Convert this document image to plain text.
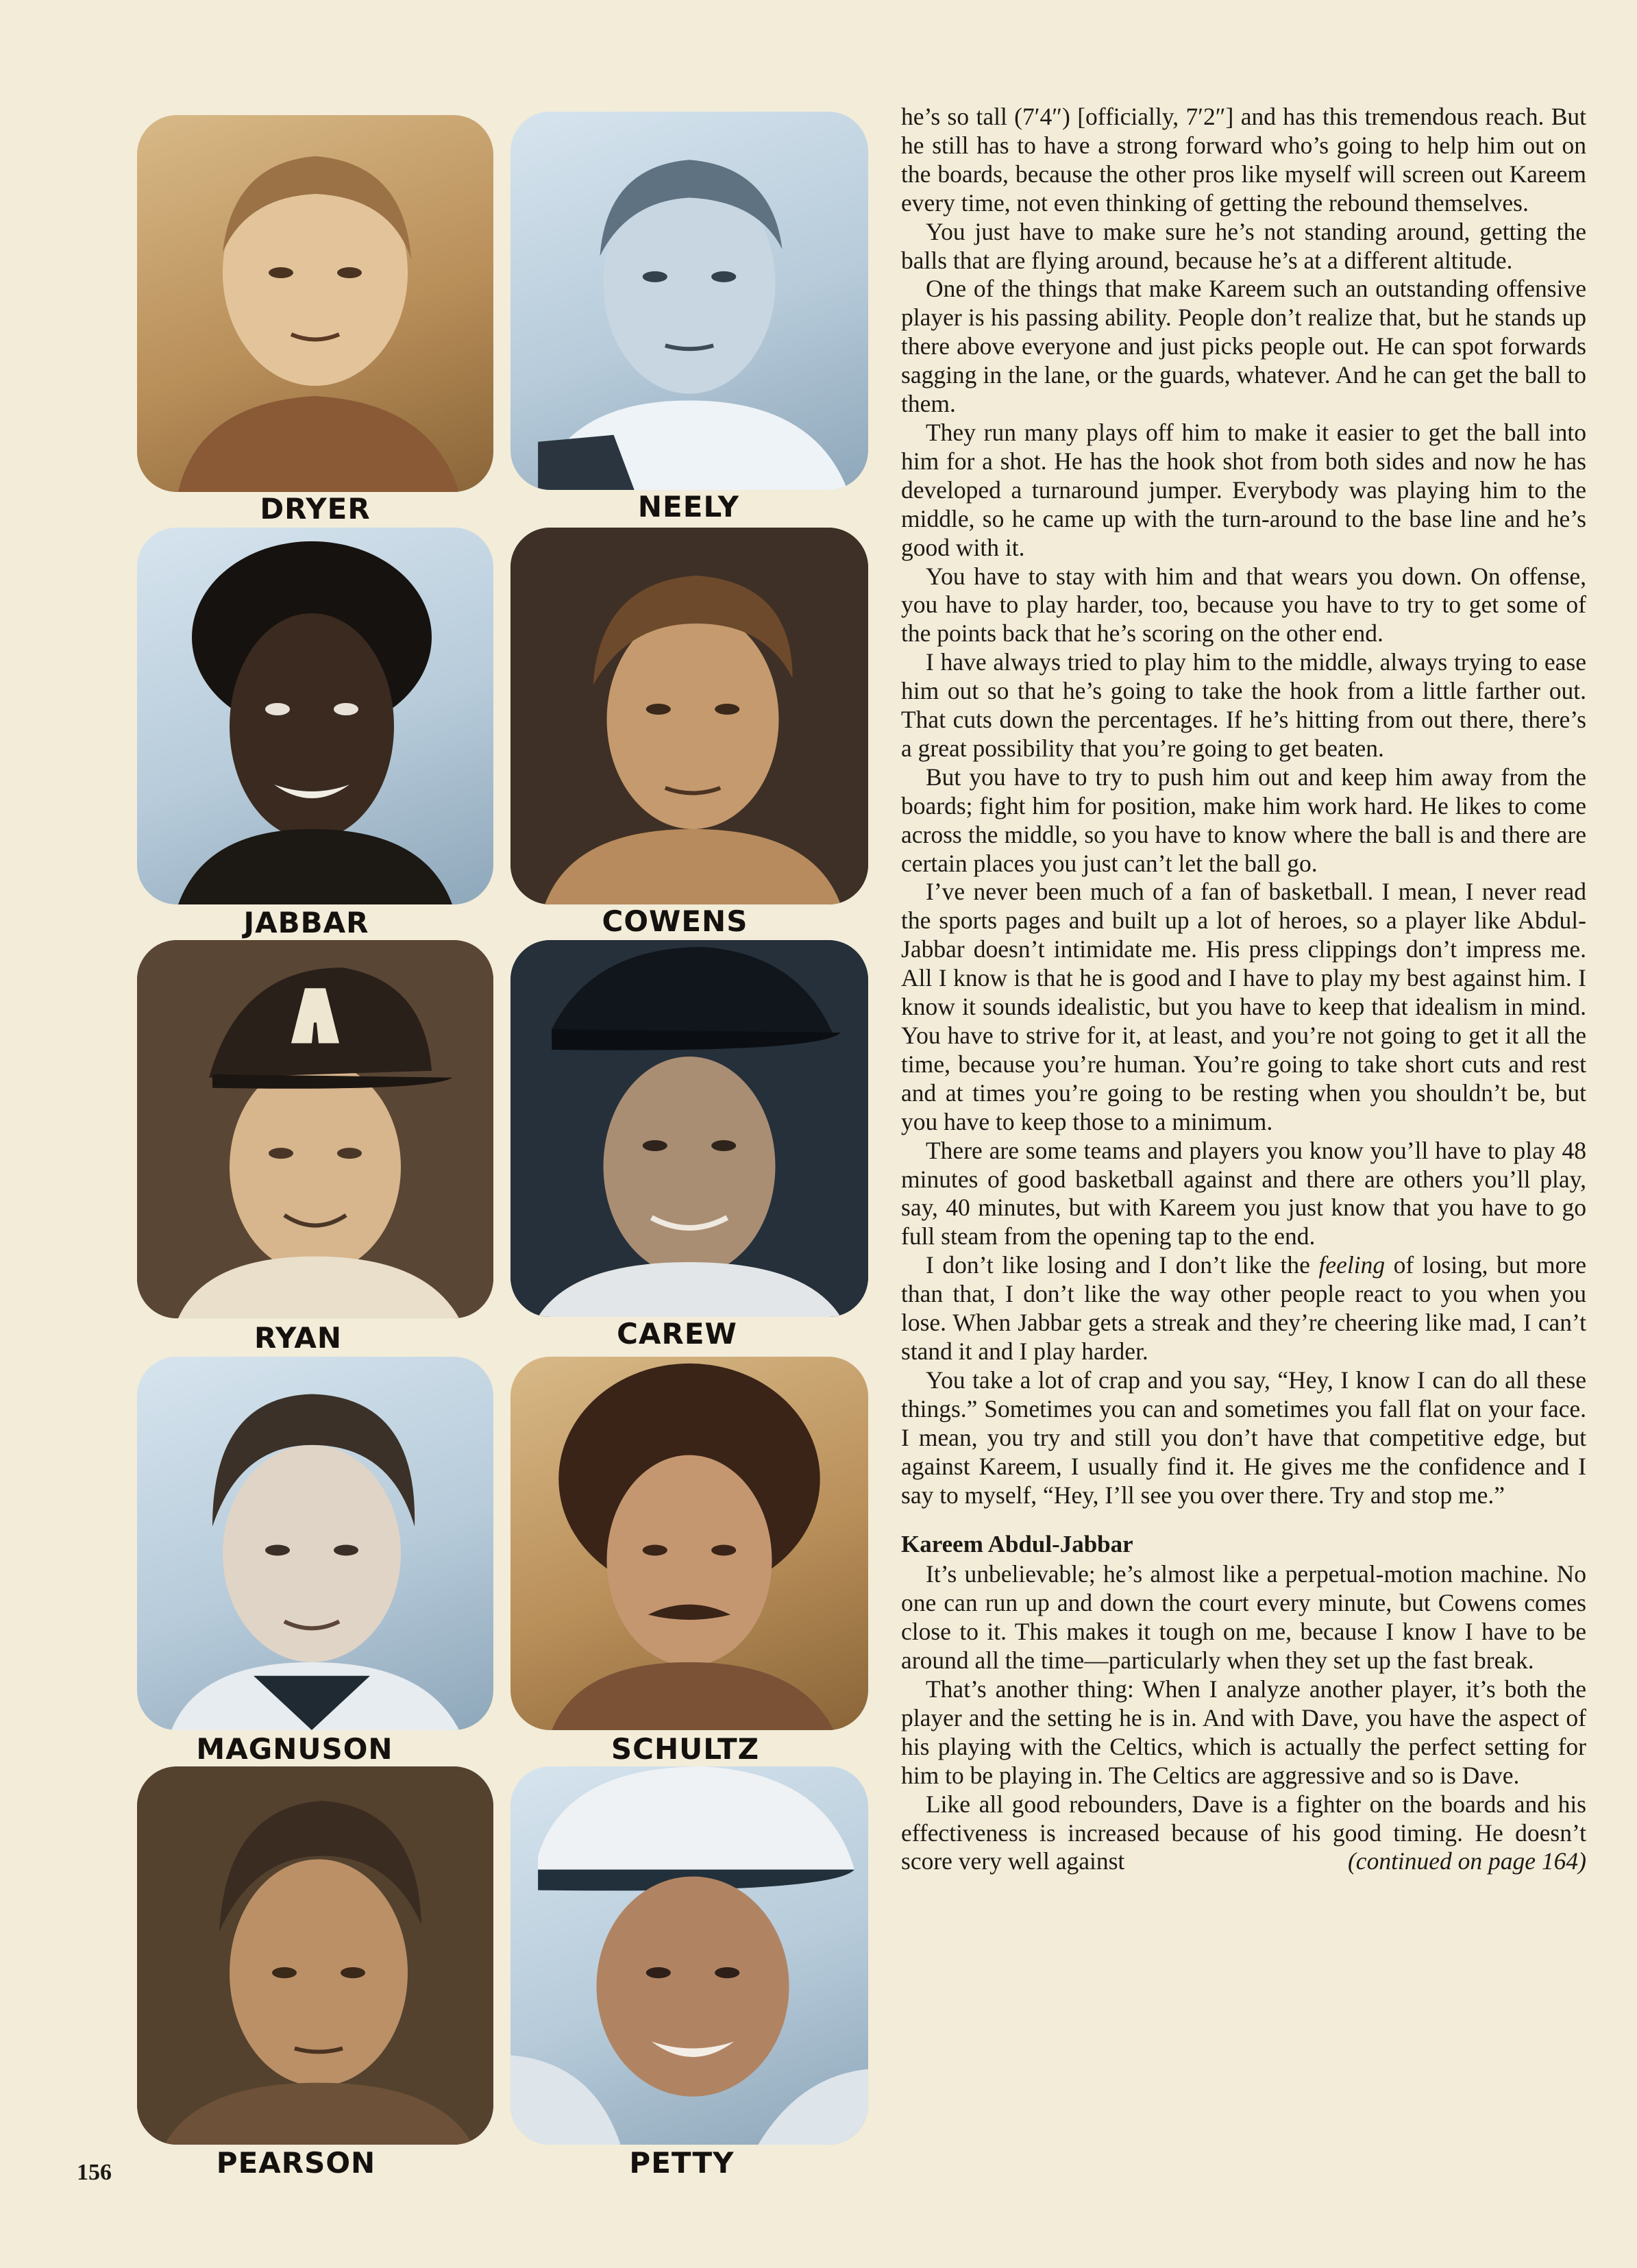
DRYER	NEELY
JABBAR	COWENS
RYAN	CAREW
MAGNUSON	SCHULTZ
PEARSON	PETTY
156

he’s so tall (7′4″) [officially, 7′2″] and has this tremendous reach. But he still has to have a strong forward who’s going to help him out on the boards, because the other pros like myself will screen out Kareem every time, not even thinking of getting the rebound themselves.

You just have to make sure he’s not standing around, getting the balls that are flying around, because he’s at a different altitude.

One of the things that make Kareem such an outstanding offensive player is his passing ability. People don’t realize that, but he stands up there above everyone and just picks people out. He can spot forwards sagging in the lane, or the guards, whatever. And he can get the ball to them.

They run many plays off him to make it easier to get the ball into him for a shot. He has the hook shot from both sides and now he has developed a turnaround jumper. Everybody was playing him to the middle, so he came up with the turn-around to the base line and he’s good with it.

You have to stay with him and that wears you down. On offense, you have to play harder, too, because you have to try to get some of the points back that he’s scoring on the other end.

I have always tried to play him to the middle, always trying to ease him out so that he’s going to take the hook from a little farther out. That cuts down the percentages. If he’s hitting from out there, there’s a great possibility that you’re going to get beaten.

But you have to try to push him out and keep him away from the boards; fight him for position, make him work hard. He likes to come across the middle, so you have to know where the ball is and there are certain places you just can’t let the ball go.

I’ve never been much of a fan of basketball. I mean, I never read the sports pages and built up a lot of heroes, so a player like Abdul-Jabbar doesn’t intimidate me. His press clippings don’t impress me. All I know is that he is good and I have to play my best against him. I know it sounds idealistic, but you have to keep that idealism in mind. You have to strive for it, at least, and you’re not going to get it all the time, because you’re human. You’re going to take short cuts and rest and at times you’re going to be resting when you shouldn’t be, but you have to keep those to a minimum.

There are some teams and players you know you’ll have to play 48 minutes of good basketball against and there are others you’ll play, say, 40 minutes, but with Kareem you just know that you have to go full steam from the opening tap to the end.

I don’t like losing and I don’t like the feeling of losing, but more than that, I don’t like the way other people react to you when you lose. When Jabbar gets a streak and they’re cheering like mad, I can’t stand it and I play harder.

You take a lot of crap and you say, “Hey, I know I can do all these things.” Sometimes you can and sometimes you fall flat on your face. I mean, you try and still you don’t have that competitive edge, but against Kareem, I usually find it. He gives me the confidence and I say to myself, “Hey, I’ll see you over there. Try and stop me.”

Kareem Abdul-Jabbar

It’s unbelievable; he’s almost like a perpetual-motion machine. No one can run up and down the court every minute, but Cowens comes close to it. This makes it tough on me, because I know I have to be around all the time—particularly when they set up the fast break.

That’s another thing: When I analyze another player, it’s both the player and the setting he is in. And with Dave, you have the aspect of his playing with the Celtics, which is actually the perfect setting for him to be playing in. The Celtics are aggressive and so is Dave.

Like all good rebounders, Dave is a fighter on the boards and his effectiveness is increased because of his good timing. He doesn’t score very well against	(continued on page 164)
